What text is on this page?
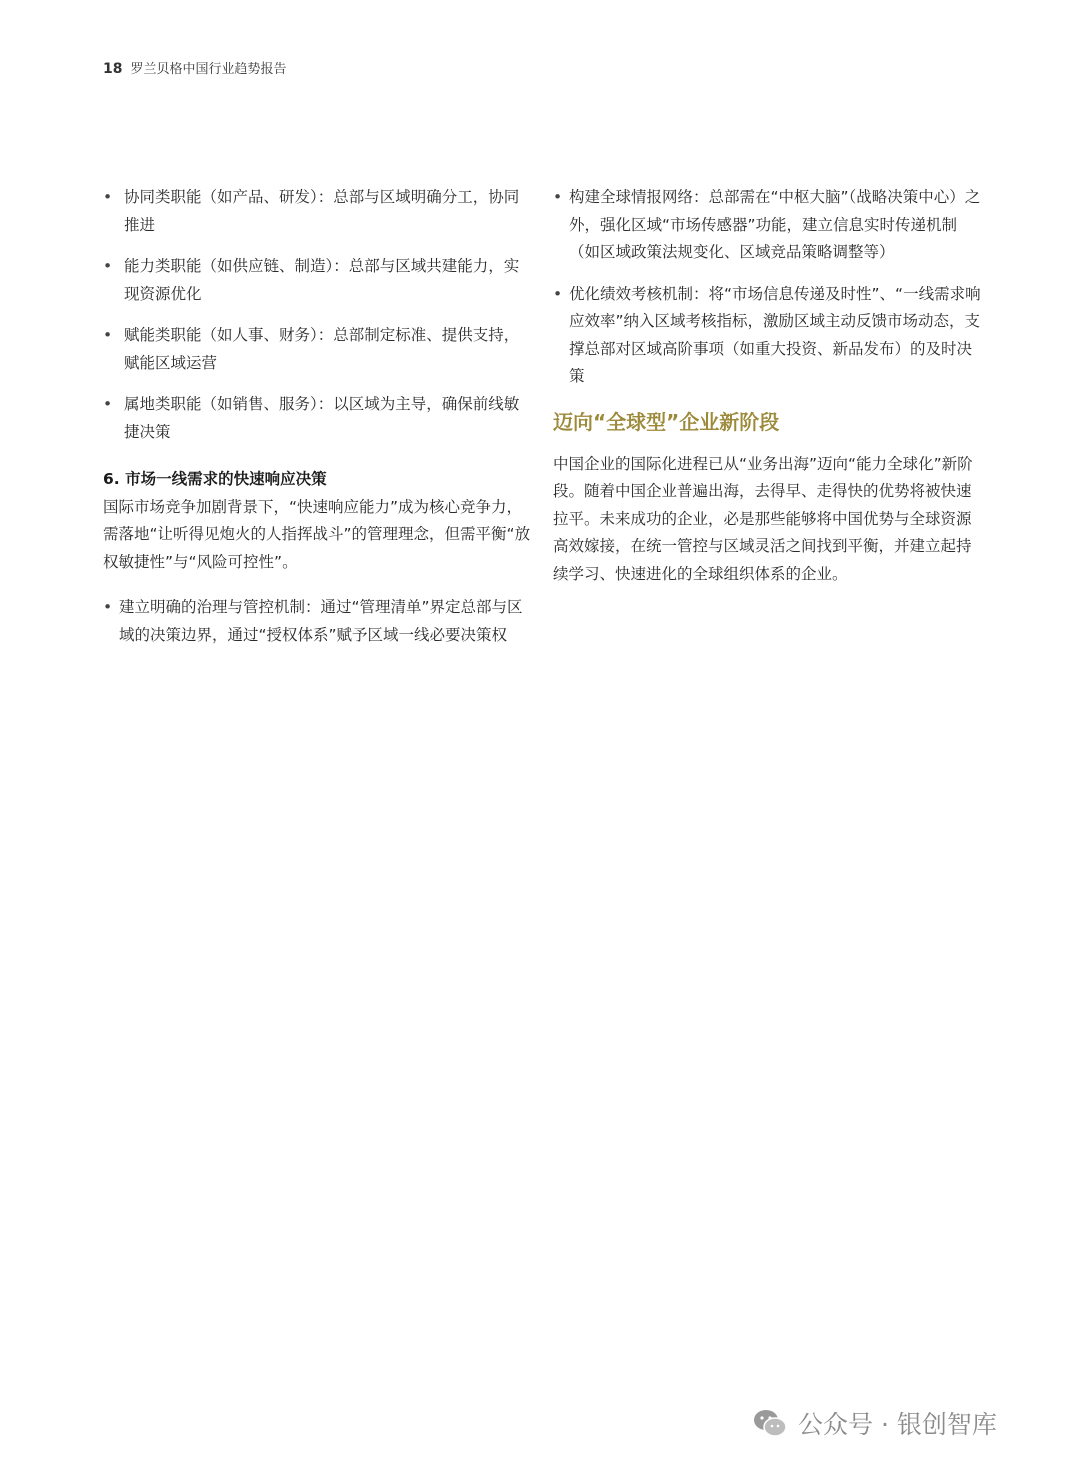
18 罗兰贝格中国行业趋势报告
• 协同类职能（如产品、研发）：总部与区域明确分工，协同推进
• 能力类职能（如供应链、制造）：总部与区域共建能力，实现资源优化
• 赋能类职能（如人事、财务）：总部制定标准、提供支持，赋能区域运营
• 属地类职能（如销售、服务）：以区域为主导，确保前线敏捷决策
6. 市场一线需求的快速响应决策

国际市场竞争加剧背景下，“快速响应能力”成为核心竞争力，需落地“让听得见炮火的人指挥战斗”的管理理念，但需平衡“放权敏捷性”与“风险可控性”。

• 建立明确的治理与管控机制：通过“管理清单”界定总部与区域的决策边界，通过“授权体系”赋予区域一线必要决策权
• 构建全球情报网络：总部需在“中枢大脑”（战略决策中心）之外，强化区域“市场传感器”功能，建立信息实时传递机制（如区域政策法规变化、区域竞品策略调整等）
• 优化绩效考核机制：将“市场信息传递及时性”、“一线需求响应效率”纳入区域考核指标，激励区域主动反馈市场动态，支撑总部对区域高阶事项（如重大投资、新品发布）的及时决策
迈向“全球型”企业新阶段

中国企业的国际化进程已从“业务出海”迈向“能力全球化”新阶段。随着中国企业普遍出海，去得早、走得快的优势将被快速拉平。未来成功的企业，必是那些能够将中国优势与全球资源高效嫁接，在统一管控与区域灵活之间找到平衡，并建立起持续学习、快速进化的全球组织体系的企业。

公众号 · 银创智库
